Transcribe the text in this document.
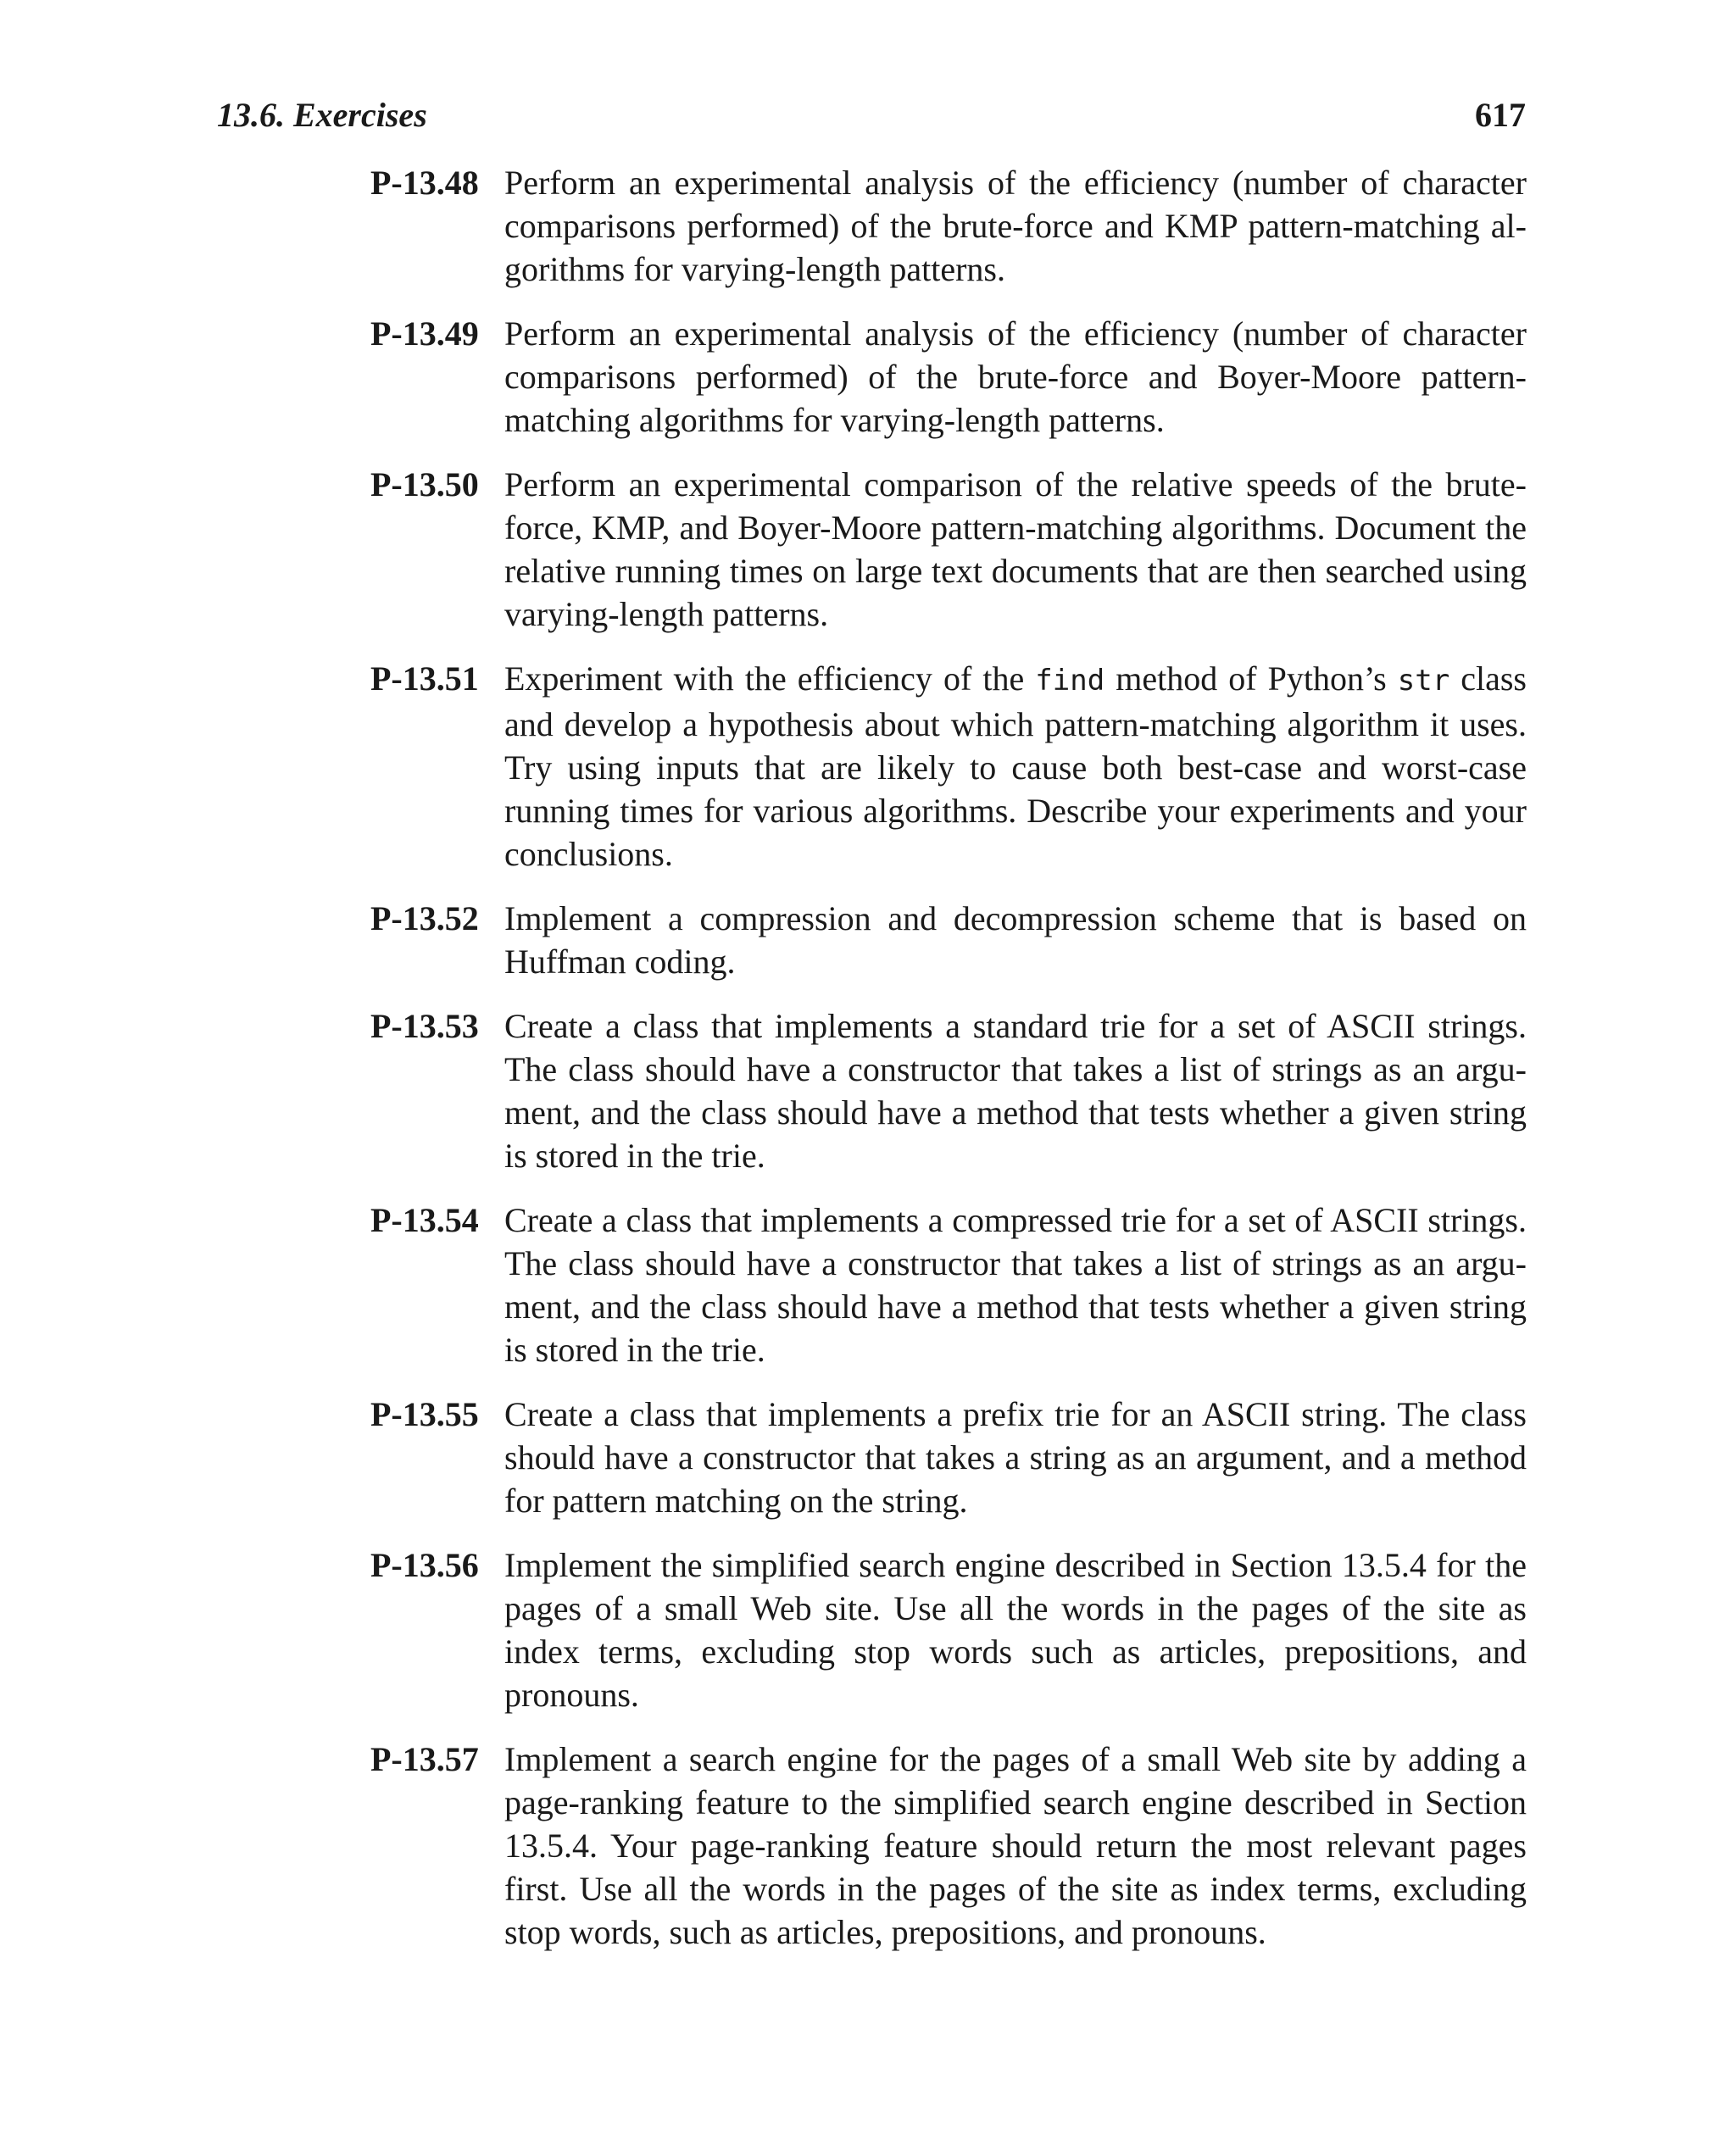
13.6. Exercises	617
P-13.48 Perform an experimental analysis of the efficiency (number of character comparisons performed) of the brute-force and KMP pattern-matching algorithms for varying-length patterns.
P-13.49 Perform an experimental analysis of the efficiency (number of character comparisons performed) of the brute-force and Boyer-Moore pattern-matching algorithms for varying-length patterns.
P-13.50 Perform an experimental comparison of the relative speeds of the brute-force, KMP, and Boyer-Moore pattern-matching algorithms. Document the relative running times on large text documents that are then searched using varying-length patterns.
P-13.51 Experiment with the efficiency of the find method of Python’s str class and develop a hypothesis about which pattern-matching algorithm it uses. Try using inputs that are likely to cause both best-case and worst-case running times for various algorithms. Describe your experiments and your conclusions.
P-13.52 Implement a compression and decompression scheme that is based on Huffman coding.
P-13.53 Create a class that implements a standard trie for a set of ASCII strings. The class should have a constructor that takes a list of strings as an argument, and the class should have a method that tests whether a given string is stored in the trie.
P-13.54 Create a class that implements a compressed trie for a set of ASCII strings. The class should have a constructor that takes a list of strings as an argument, and the class should have a method that tests whether a given string is stored in the trie.
P-13.55 Create a class that implements a prefix trie for an ASCII string. The class should have a constructor that takes a string as an argument, and a method for pattern matching on the string.
P-13.56 Implement the simplified search engine described in Section 13.5.4 for the pages of a small Web site. Use all the words in the pages of the site as index terms, excluding stop words such as articles, prepositions, and pronouns.
P-13.57 Implement a search engine for the pages of a small Web site by adding a page-ranking feature to the simplified search engine described in Section 13.5.4. Your page-ranking feature should return the most relevant pages first. Use all the words in the pages of the site as index terms, excluding stop words, such as articles, prepositions, and pronouns.
